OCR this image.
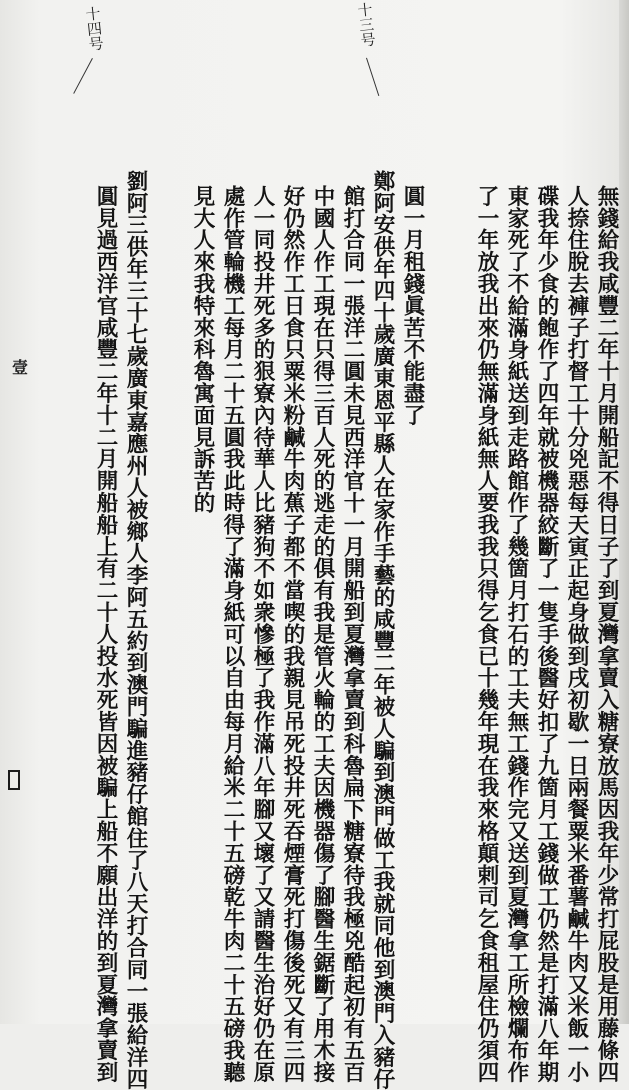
十四号	十三号
壹	無錢給我咸豐二年十月開船記不得日子了到夏灣拿賣入糖寮放馬因我年少常打屁股是用藤條四
人捺住脫去褲子打督工十分兇惡每天寅正起身做到戌初歇一日兩餐粟米番薯鹹牛肉又米飯一小
碟我年少食的飽作了四年就被機器絞斷了一隻手後醫好扣了九箇月工錢做工仍然是打滿八年期
東家死了不給滿身紙送到走路館作了幾箇月打石的工夫無工錢作完又送到夏灣拿工所檢爛布作
了一年放我出來仍無滿身紙無人要我我只得乞食已十幾年現在我來格顛剌司乞食租屋住仍須四
圓一月租錢眞苦不能盡了
鄭阿安供年四十歲廣東恩平縣人在家作手藝的咸豐二年被人騙到澳門做工我就同他到澳門入豬仔
館打合同一張洋二圓未見西洋官十一月開船到夏灣拿賣到科魯扁下糖寮待我極兇酷起初有五百
中國人作工現在只得三百人死的逃走的俱有我是管火輪的工夫因機器傷了腳醫生鋸斷了用木接
好仍然作工日食只粟米粉鹹牛肉蕉子都不當喫的我親見吊死投井死吞煙膏死打傷後死又有三四
人一同投井死多的狠寮內待華人比豬狗不如衆慘極了我作滿八年腳又壞了又請醫生治好仍在原
處作管輪機工每月二十五圓我此時得了滿身紙可以自由每月給米二十五磅乾牛肉二十五磅我聽
見大人來我特來科魯寓面見訴苦的
劉阿三供年三十七歲廣東嘉應州人被鄉人李阿五約到澳門騙進豬仔館住了八天打合同一張給洋四
圓見過西洋官咸豐二年十二月開船船上有二十人投水死皆因被騙上船不願出洋的到夏灣拿賣到
